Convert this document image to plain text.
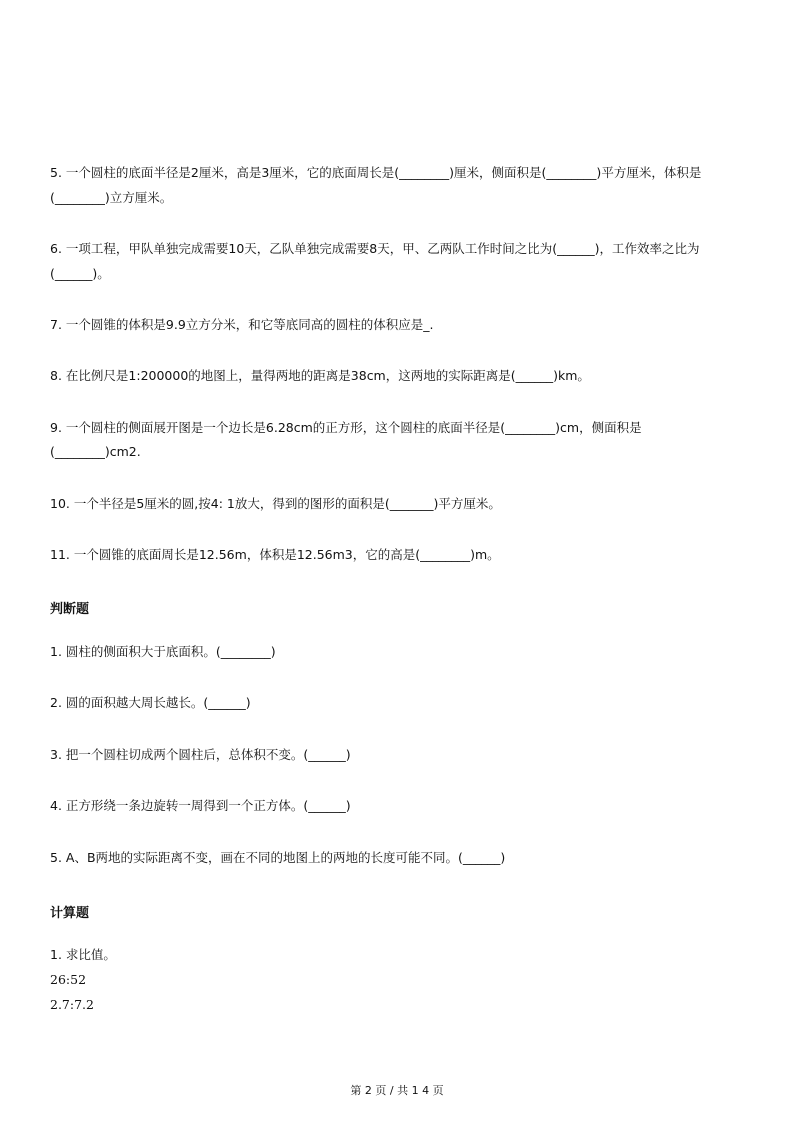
5. 一个圆柱的底面半径是2厘米，高是3厘米，它的底面周长是(________)厘米，侧面积是(________)平方厘米，体积是
(________)立方厘米。
6. 一项工程，甲队单独完成需要10天，乙队单独完成需要8天，甲、乙两队工作时间之比为(______)，工作效率之比为
(______)。
7. 一个圆锥的体积是9.9立方分米，和它等底同高的圆柱的体积应是_.
8. 在比例尺是1:200000的地图上，量得两地的距离是38cm，这两地的实际距离是(______)km。
9. 一个圆柱的侧面展开图是一个边长是6.28cm的正方形，这个圆柱的底面半径是(________)cm，侧面积是
(________)cm2.
10. 一个半径是5厘米的圆,按4: 1放大，得到的图形的面积是(_______)平方厘米。
11. 一个圆锥的底面周长是12.56m，体积是12.56m3，它的高是(________)m。
判断题
1. 圆柱的侧面积大于底面积。(________)
2. 圆的面积越大周长越长。(______)
3. 把一个圆柱切成两个圆柱后，总体积不变。(______)
4. 正方形绕一条边旋转一周得到一个正方体。(______)
5. A、B两地的实际距离不变，画在不同的地图上的两地的长度可能不同。(______)
计算题
1. 求比值。
26:52
2.7:7.2
第 2 页 / 共 1 4 页
